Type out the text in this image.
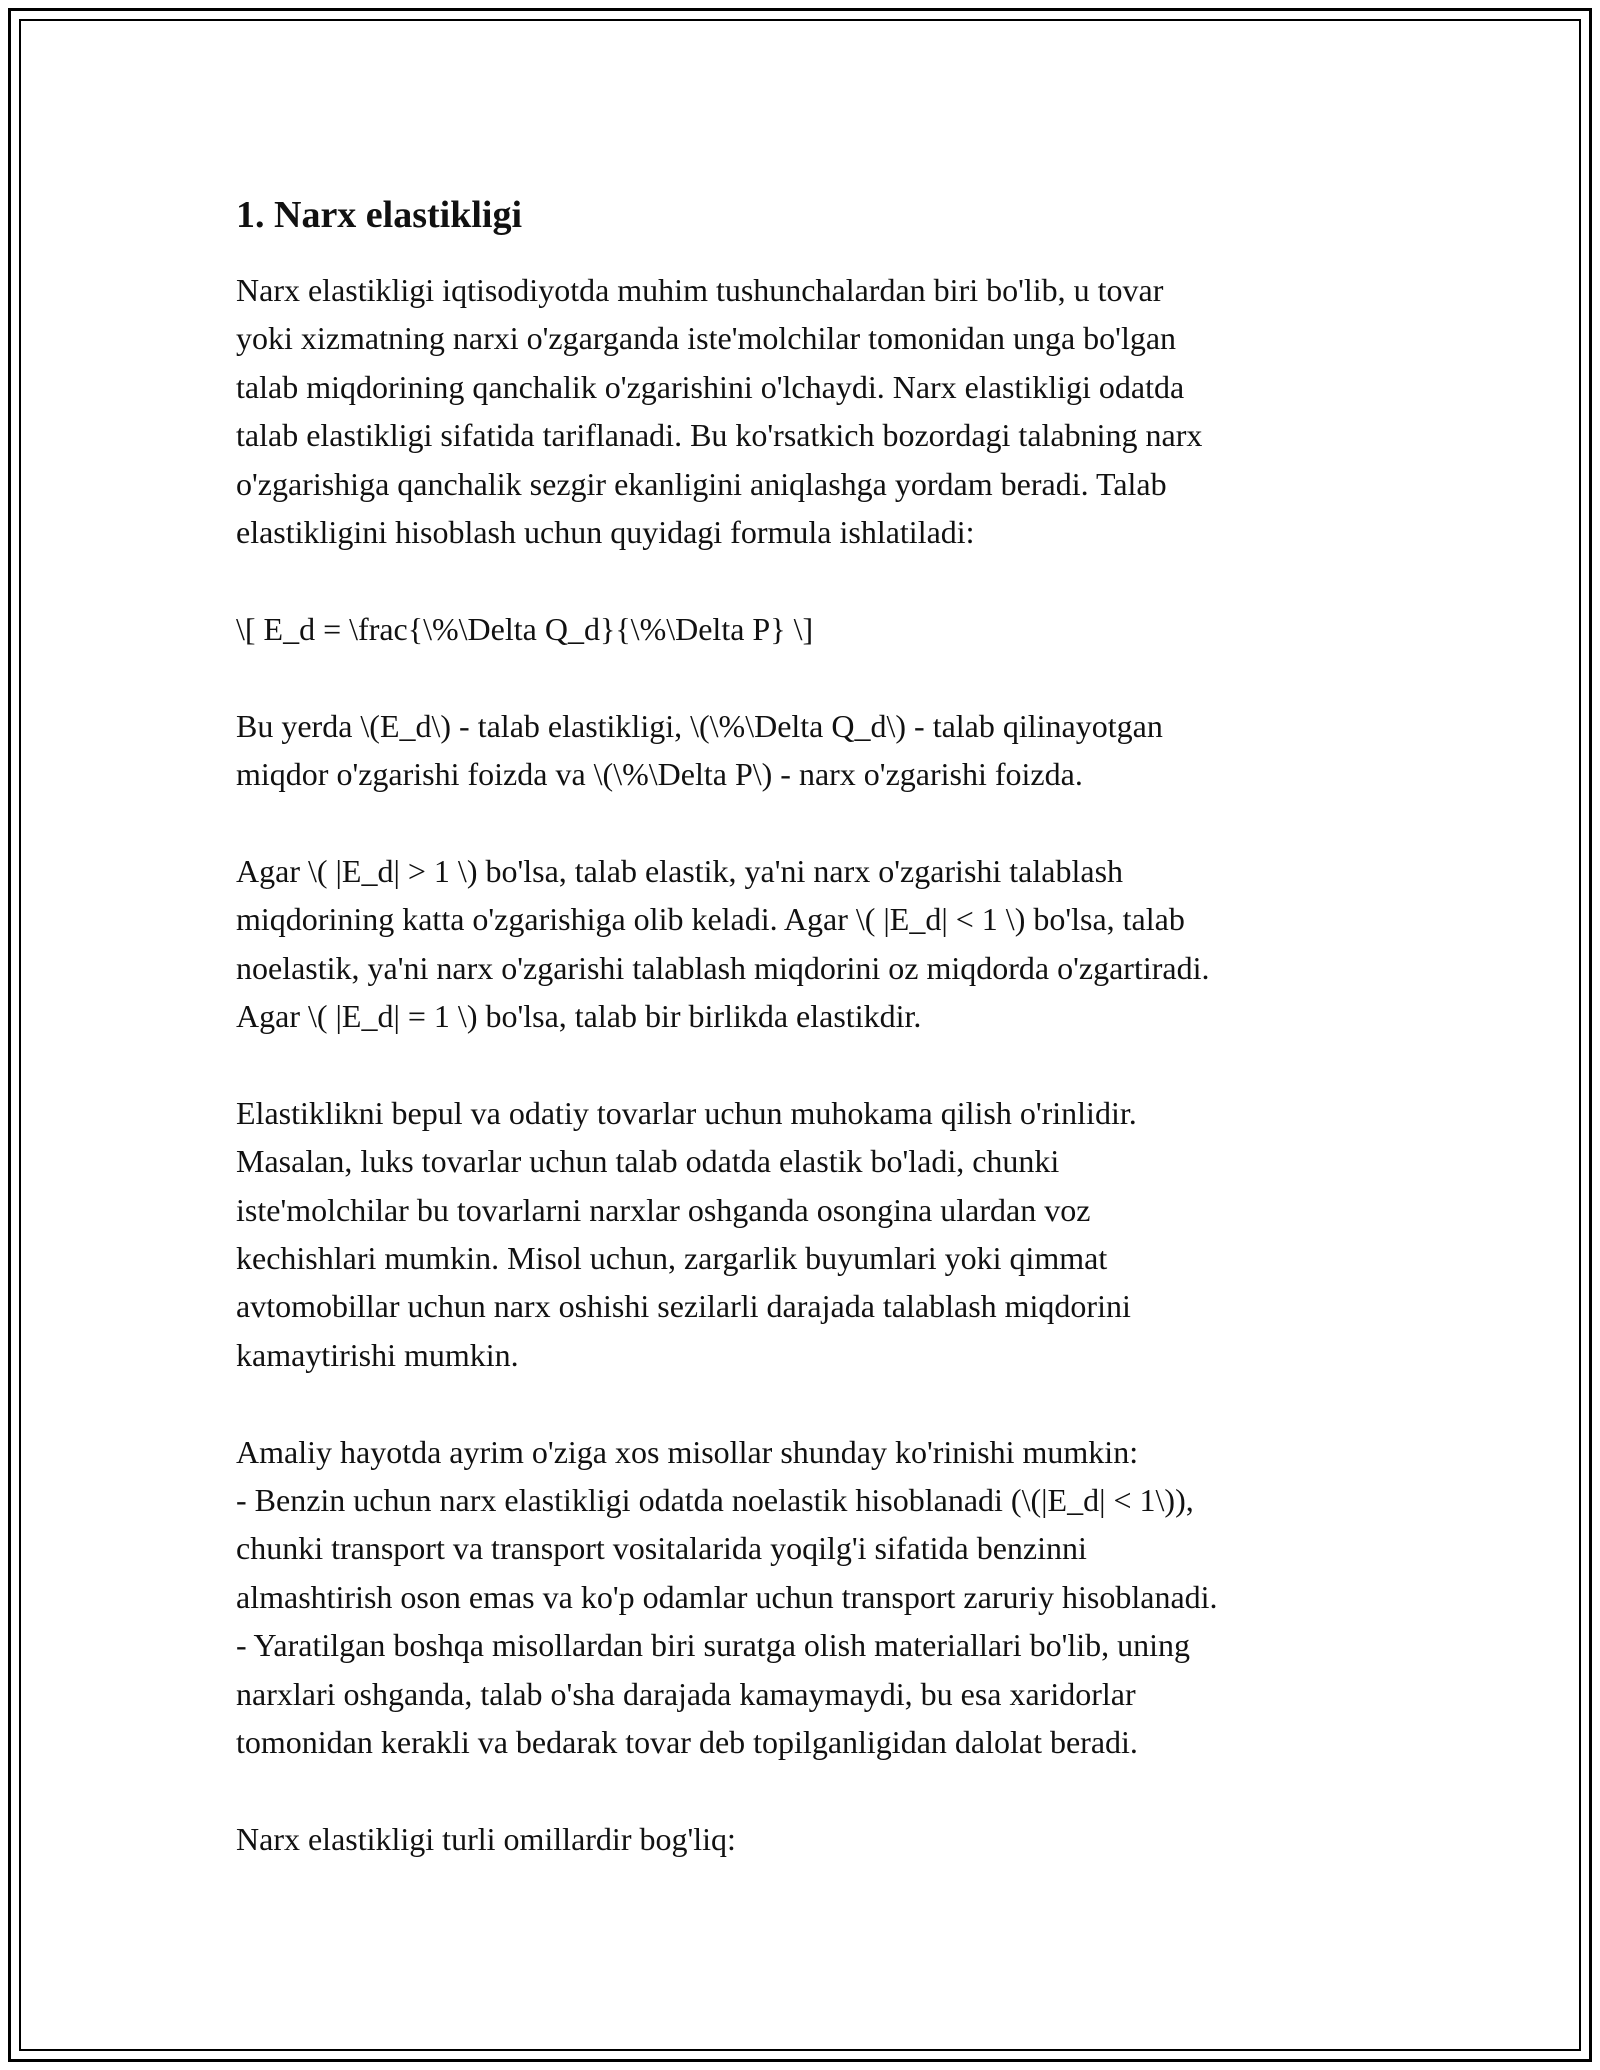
1. Narx elastikligi

Narx elastikligi iqtisodiyotda muhim tushunchalardan biri bo'lib, u tovar
yoki xizmatning narxi o'zgarganda iste'molchilar tomonidan unga bo'lgan
talab miqdorining qanchalik o'zgarishini o'lchaydi. Narx elastikligi odatda
talab elastikligi sifatida tariflanadi. Bu ko'rsatkich bozordagi talabning narx
o'zgarishiga qanchalik sezgir ekanligini aniqlashga yordam beradi. Talab
elastikligini hisoblash uchun quyidagi formula ishlatiladi:

\[ E_d = \frac{\%\Delta Q_d}{\%\Delta P} \]

Bu yerda \(E_d\) - talab elastikligi, \(\%\Delta Q_d\) - talab qilinayotgan
miqdor o'zgarishi foizda va \(\%\Delta P\) - narx o'zgarishi foizda.

Agar \( |E_d| > 1 \) bo'lsa, talab elastik, ya'ni narx o'zgarishi talablash
miqdorining katta o'zgarishiga olib keladi. Agar \( |E_d| < 1 \) bo'lsa, talab
noelastik, ya'ni narx o'zgarishi talablash miqdorini oz miqdorda o'zgartiradi.
Agar \( |E_d| = 1 \) bo'lsa, talab bir birlikda elastikdir.

Elastiklikni bepul va odatiy tovarlar uchun muhokama qilish o'rinlidir.
Masalan, luks tovarlar uchun talab odatda elastik bo'ladi, chunki
iste'molchilar bu tovarlarni narxlar oshganda osongina ulardan voz
kechishlari mumkin. Misol uchun, zargarlik buyumlari yoki qimmat
avtomobillar uchun narx oshishi sezilarli darajada talablash miqdorini
kamaytirishi mumkin.

Amaliy hayotda ayrim o'ziga xos misollar shunday ko'rinishi mumkin:
- Benzin uchun narx elastikligi odatda noelastik hisoblanadi (\(|E_d| < 1\)),
chunki transport va transport vositalarida yoqilg'i sifatida benzinni
almashtirish oson emas va ko'p odamlar uchun transport zaruriy hisoblanadi.
- Yaratilgan boshqa misollardan biri suratga olish materiallari bo'lib, uning
narxlari oshganda, talab o'sha darajada kamaymaydi, bu esa xaridorlar
tomonidan kerakli va bedarak tovar deb topilganligidan dalolat beradi.

Narx elastikligi turli omillardir bog'liq:
